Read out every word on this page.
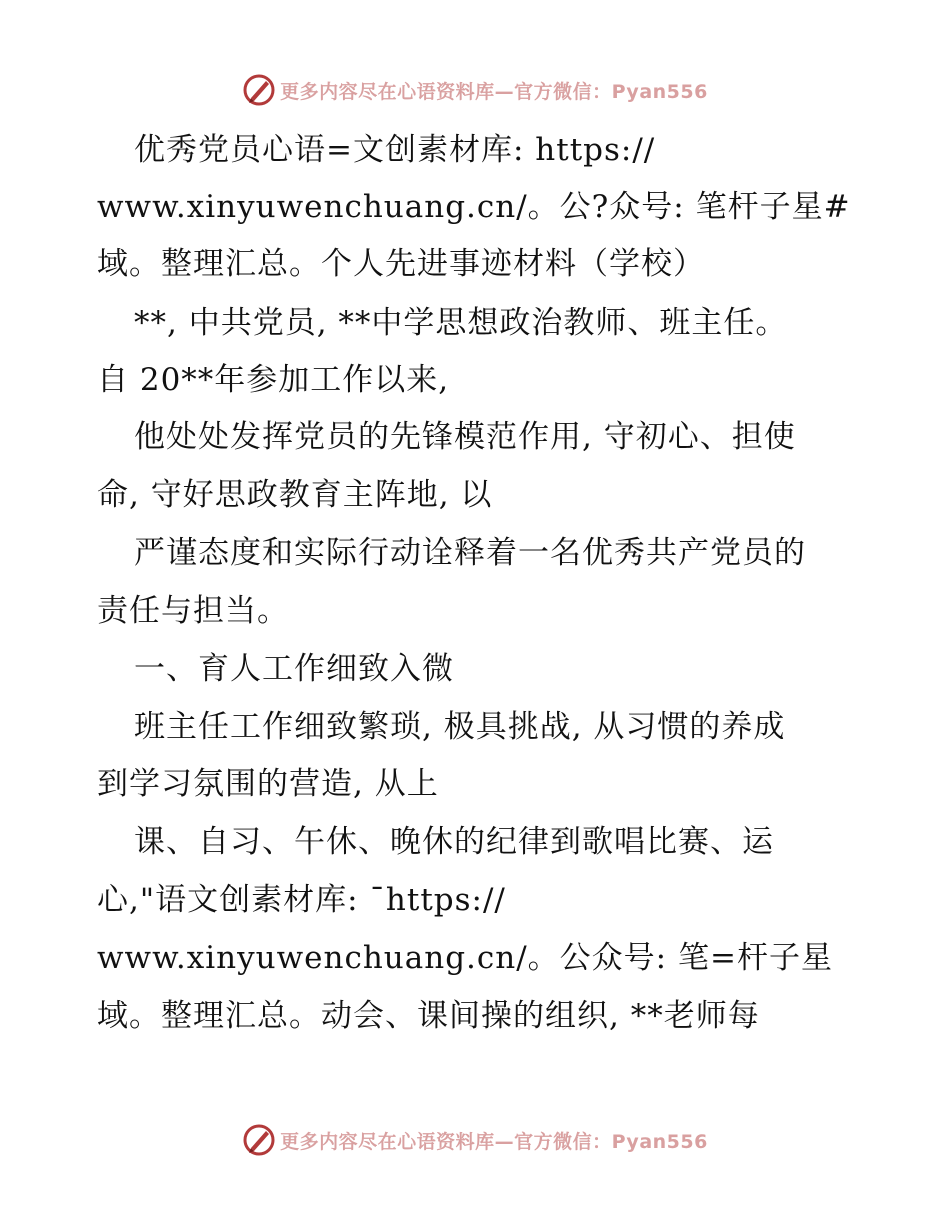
更多内容尽在心语资料库—官方微信：Pyan556
优秀党员心语=文创素材库: https://
www.xinyuwenchuang.cn/。公?众号: 笔杆子星#
域。整理汇总。个人先进事迹材料（学校）
**, 中共党员, **中学思想政治教师、班主任。
自 20**年参加工作以来,
他处处发挥党员的先锋模范作用, 守初心、担使
命, 守好思政教育主阵地, 以
严谨态度和实际行动诠释着一名优秀共产党员的
责任与担当。
一、育人工作细致入微
班主任工作细致繁琐, 极具挑战, 从习惯的养成
到学习氛围的营造, 从上
课、自习、午休、晚休的纪律到歌唱比赛、运
心,"语文创素材库: ¯https://
www.xinyuwenchuang.cn/。公众号: 笔=杆子星
域。整理汇总。动会、课间操的组织, **老师每
更多内容尽在心语资料库—官方微信：Pyan556
